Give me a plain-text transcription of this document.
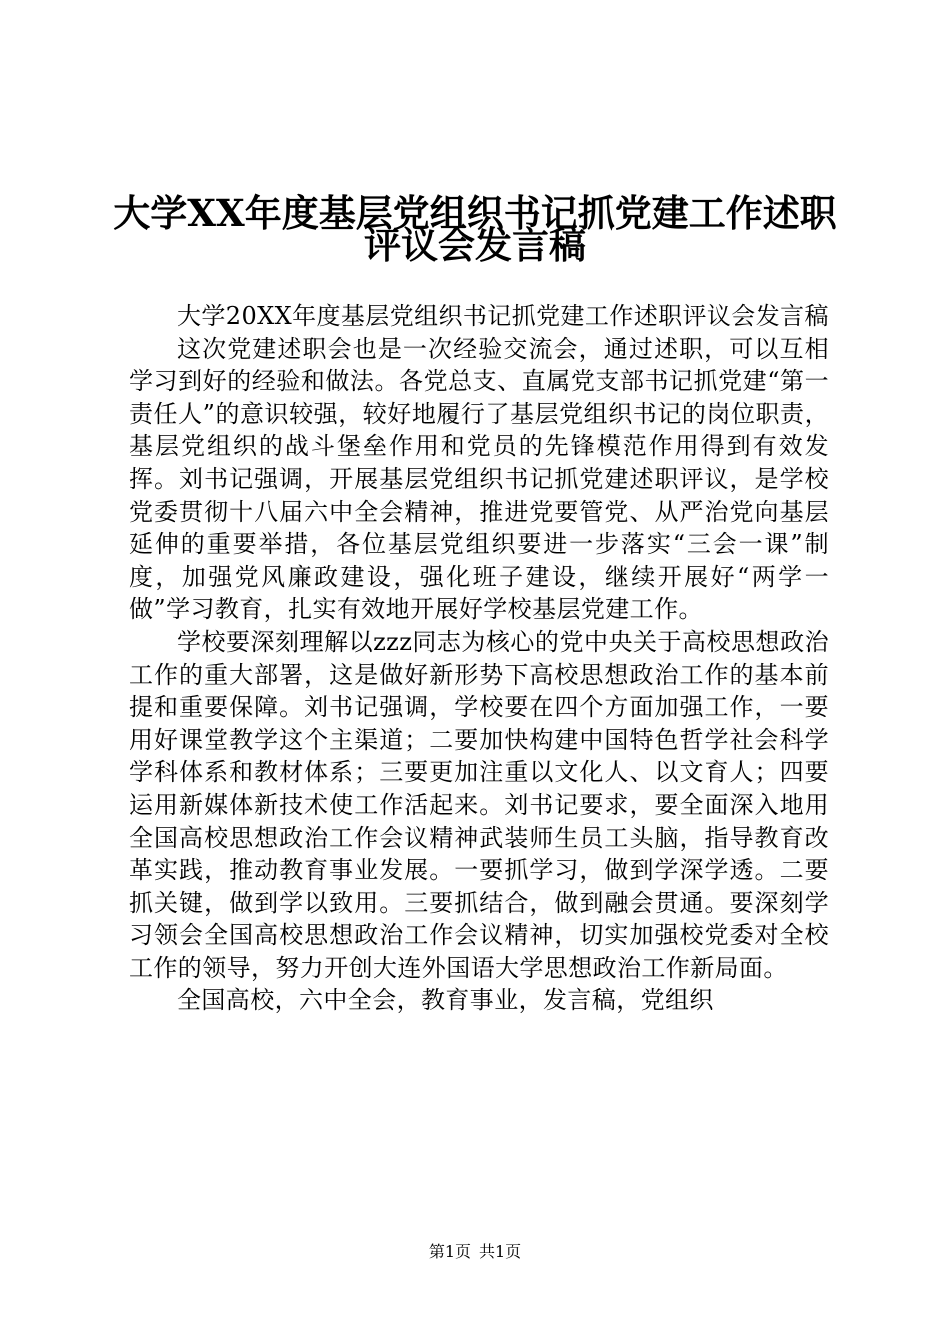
大学XX年度基层党组织书记抓党建工作述职
评议会发言稿

大学20XX年度基层党组织书记抓党建工作述职评议会发言稿

这次党建述职会也是一次经验交流会，通过述职，可以互相学习到好的经验和做法。各党总支、直属党支部书记抓党建“第一责任人”的意识较强，较好地履行了基层党组织书记的岗位职责，基层党组织的战斗堡垒作用和党员的先锋模范作用得到有效发挥。刘书记强调，开展基层党组织书记抓党建述职评议，是学校党委贯彻十八届六中全会精神，推进党要管党、从严治党向基层延伸的重要举措，各位基层党组织要进一步落实“三会一课”制度，加强党风廉政建设，强化班子建设，继续开展好“两学一做”学习教育，扎实有效地开展好学校基层党建工作。

学校要深刻理解以zzz同志为核心的党中央关于高校思想政治工作的重大部署，这是做好新形势下高校思想政治工作的基本前提和重要保障。刘书记强调，学校要在四个方面加强工作，一要用好课堂教学这个主渠道；二要加快构建中国特色哲学社会科学学科体系和教材体系；三要更加注重以文化人、以文育人；四要运用新媒体新技术使工作活起来。刘书记要求，要全面深入地用全国高校思想政治工作会议精神武装师生员工头脑，指导教育改革实践，推动教育事业发展。一要抓学习，做到学深学透。二要抓关键，做到学以致用。三要抓结合，做到融会贯通。要深刻学习领会全国高校思想政治工作会议精神，切实加强校党委对全校工作的领导，努力开创大连外国语大学思想政治工作新局面。

全国高校，六中全会，教育事业，发言稿，党组织

第1页 共1页
